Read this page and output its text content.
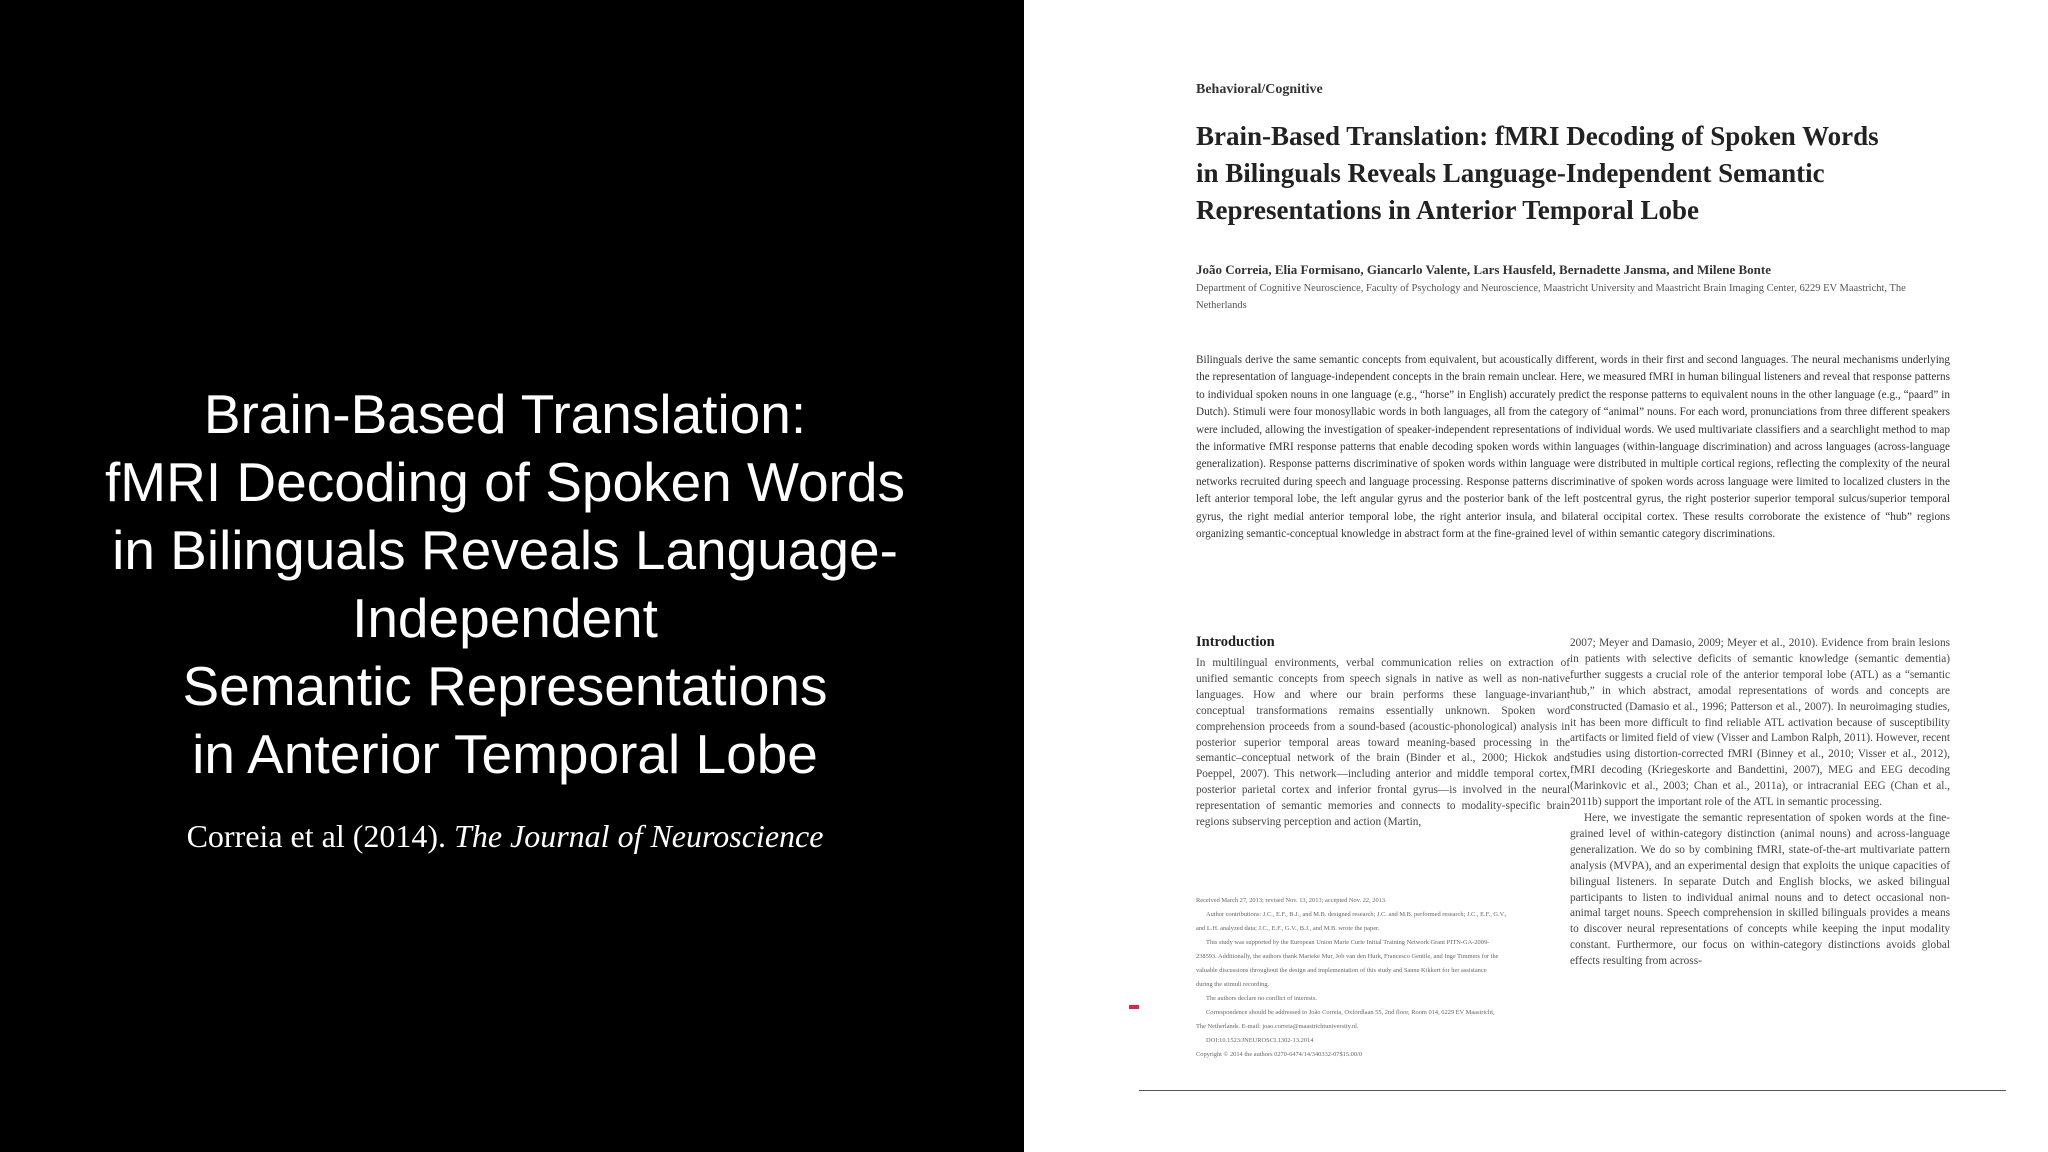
Brain-Based Translation:
fMRI Decoding of Spoken Words
in Bilinguals Reveals Language-
Independent
Semantic Representations
in Anterior Temporal Lobe
Correia et al (2014). The Journal of Neuroscience
Behavioral/Cognitive
Brain-Based Translation: fMRI Decoding of Spoken Words
in Bilinguals Reveals Language-Independent Semantic
Representations in Anterior Temporal Lobe
João Correia, Elia Formisano, Giancarlo Valente, Lars Hausfeld, Bernadette Jansma, and Milene Bonte
Department of Cognitive Neuroscience, Faculty of Psychology and Neuroscience, Maastricht University and Maastricht Brain Imaging Center, 6229 EV Maastricht, The Netherlands
Bilinguals derive the same semantic concepts from equivalent, but acoustically different, words in their first and second languages. The neural mechanisms underlying the representation of language-independent concepts in the brain remain unclear. Here, we measured fMRI in human bilingual listeners and reveal that response patterns to individual spoken nouns in one language (e.g., “horse” in English) accurately predict the response patterns to equivalent nouns in the other language (e.g., “paard” in Dutch). Stimuli were four monosyllabic words in both languages, all from the category of “animal” nouns. For each word, pronunciations from three different speakers were included, allowing the investigation of speaker-independent representations of individual words. We used multivariate classifiers and a searchlight method to map the informative fMRI response patterns that enable decoding spoken words within languages (within-language discrimination) and across languages (across-language generalization). Response patterns discriminative of spoken words within language were distributed in multiple cortical regions, reflecting the complexity of the neural networks recruited during speech and language processing. Response patterns discriminative of spoken words across language were limited to localized clusters in the left anterior temporal lobe, the left angular gyrus and the posterior bank of the left postcentral gyrus, the right posterior superior temporal sulcus/superior temporal gyrus, the right medial anterior temporal lobe, the right anterior insula, and bilateral occipital cortex. These results corroborate the existence of “hub” regions organizing semantic-conceptual knowledge in abstract form at the fine-grained level of within semantic category discriminations.
Introduction
In multilingual environments, verbal communication relies on extraction of unified semantic concepts from speech signals in native as well as non-native languages. How and where our brain performs these language-invariant conceptual transformations remains essentially unknown. Spoken word comprehension proceeds from a sound-based (acoustic-phonological) analysis in posterior superior temporal areas toward meaning-based processing in the semantic–conceptual network of the brain (Binder et al., 2000; Hickok and Poeppel, 2007). This network—including anterior and middle temporal cortex, posterior parietal cortex and inferior frontal gyrus—is involved in the neural representation of semantic memories and connects to modality-specific brain regions subserving perception and action (Martin,

2007; Meyer and Damasio, 2009; Meyer et al., 2010). Evidence from brain lesions in patients with selective deficits of semantic knowledge (semantic dementia) further suggests a crucial role of the anterior temporal lobe (ATL) as a “semantic hub,” in which abstract, amodal representations of words and concepts are constructed (Damasio et al., 1996; Patterson et al., 2007). In neuroimaging studies, it has been more difficult to find reliable ATL activation because of susceptibility artifacts or limited field of view (Visser and Lambon Ralph, 2011). However, recent studies using distortion-corrected fMRI (Binney et al., 2010; Visser et al., 2012), fMRI decoding (Kriegeskorte and Bandettini, 2007), MEG and EEG decoding (Marinkovic et al., 2003; Chan et al., 2011a), or intracranial EEG (Chan et al., 2011b) support the important role of the ATL in semantic processing.

Here, we investigate the semantic representation of spoken words at the fine-grained level of within-category distinction (animal nouns) and across-language generalization. We do so by combining fMRI, state-of-the-art multivariate pattern analysis (MVPA), and an experimental design that exploits the unique capacities of bilingual listeners. In separate Dutch and English blocks, we asked bilingual participants to listen to individual animal nouns and to detect occasional non-animal target nouns. Speech comprehension in skilled bilinguals provides a means to discover neural representations of concepts while keeping the input modality constant. Furthermore, our focus on within-category distinctions avoids global effects resulting from across-

Received March 27, 2013; revised Nov. 13, 2013; accepted Nov. 22, 2013.
Author contributions: J.C., E.F., B.J., and M.B. designed research; J.C. and M.B. performed research; J.C., E.F., G.V.,
and L.H. analyzed data; J.C., E.F., G.V., B.J., and M.B. wrote the paper.
This study was supported by the European Union Marie Curie Initial Training Network Grant PITN-GA-2009-
238593. Additionally, the authors thank Marieke Mur, Job van den Hurk, Francesco Gentile, and Inge Timmers for the
valuable discussions throughout the design and implementation of this study and Sanne Kikkert for her assistance
during the stimuli recording.
The authors declare no conflict of interests.
Correspondence should be addressed to João Correia, Oxfordlaan 55, 2nd floor, Room 014, 6229 EV Maastricht,
The Netherlands. E-mail: joao.correia@maastrichtuniversity.nl.
DOI:10.1523/JNEUROSCI.1302-13.2014
Copyright © 2014 the authors 0270-6474/14/340332-07$15.00/0
